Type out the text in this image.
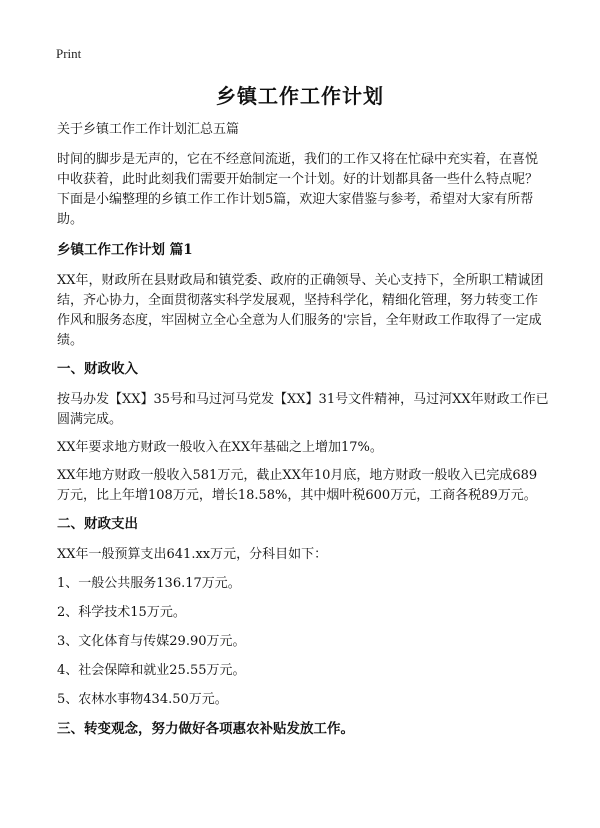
Print
乡镇工作工作计划

关于乡镇工作工作计划汇总五篇

时间的脚步是无声的，它在不经意间流逝，我们的工作又将在忙碌中充实着，在喜悦中收获着，此时此刻我们需要开始制定一个计划。好的计划都具备一些什么特点呢？下面是小编整理的乡镇工作工作计划5篇，欢迎大家借鉴与参考，希望对大家有所帮助。

乡镇工作工作计划 篇1

XX年，财政所在县财政局和镇党委、政府的正确领导、关心支持下，全所职工精诚团结，齐心协力，全面贯彻落实科学发展观，坚持科学化，精细化管理，努力转变工作作风和服务态度，牢固树立全心全意为人们服务的'宗旨，全年财政工作取得了一定成绩。

一、财政收入

按马办发【XX】35号和马过河马党发【XX】31号文件精神，马过河XX年财政工作已圆满完成。

XX年要求地方财政一般收入在XX年基础之上增加17%。

XX年地方财政一般收入581万元，截止XX年10月底，地方财政一般收入已完成689万元，比上年增108万元，增长18.58%，其中烟叶税600万元，工商各税89万元。

二、财政支出

XX年一般预算支出641.xx万元，分科目如下：

1、一般公共服务136.17万元。

2、科学技术15万元。

3、文化体育与传媒29.90万元。

4、社会保障和就业25.55万元。

5、农林水事物434.50万元。

三、转变观念，努力做好各项惠农补贴发放工作。
